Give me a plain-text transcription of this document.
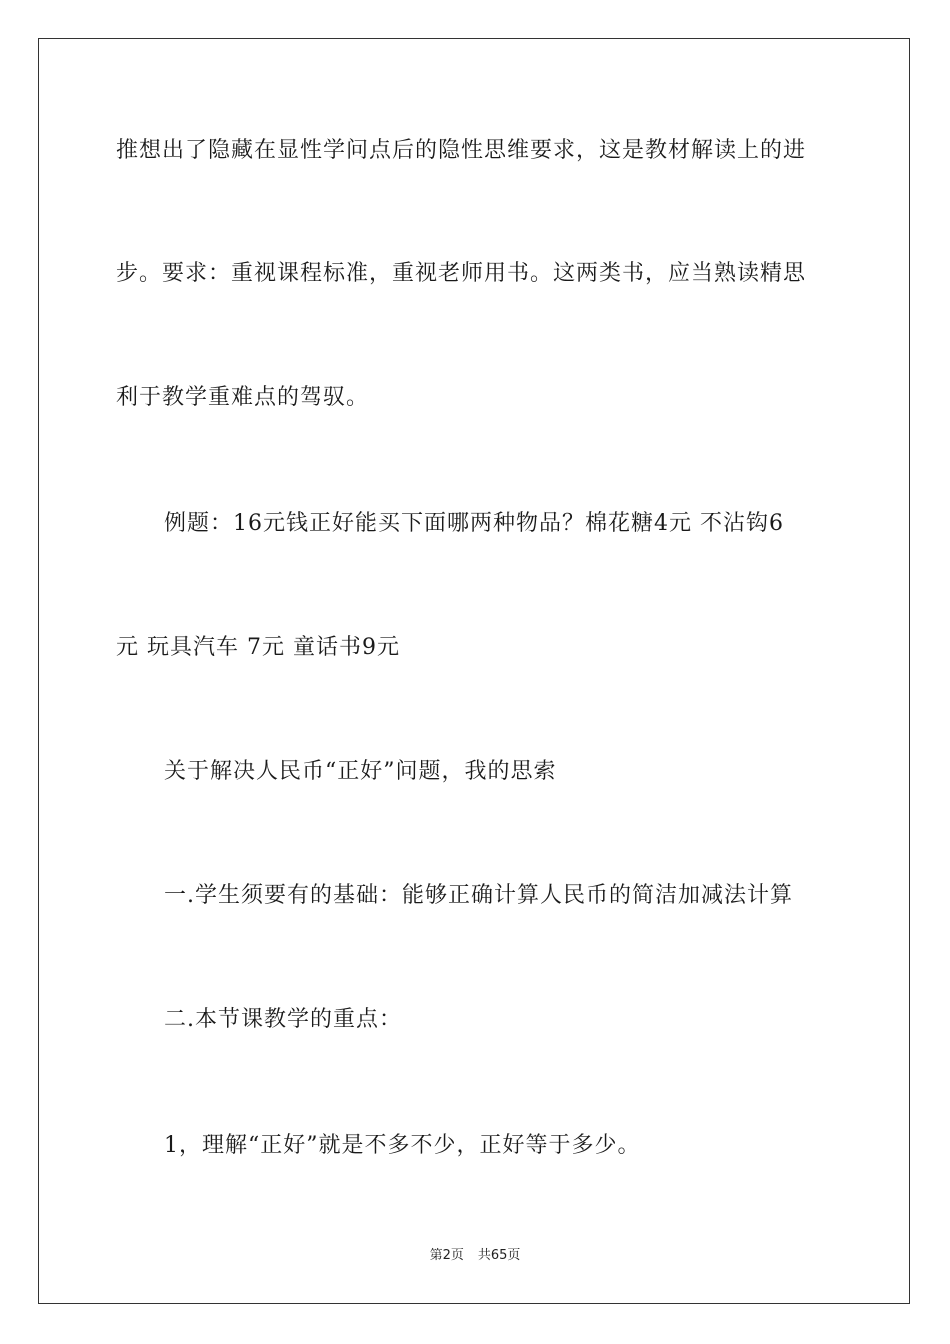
推想出了隐藏在显性学问点后的隐性思维要求，这是教材解读上的进
步。要求：重视课程标准，重视老师用书。这两类书，应当熟读精思
利于教学重难点的驾驭。
例题：16元钱正好能买下面哪两种物品？棉花糖4元 不沾钩6
元 玩具汽车 7元 童话书9元
关于解决人民币“正好”问题，我的思索
一.学生须要有的基础：能够正确计算人民币的简洁加减法计算
二.本节课教学的重点：
1，理解“正好”就是不多不少，正好等于多少。
第2页 共65页
